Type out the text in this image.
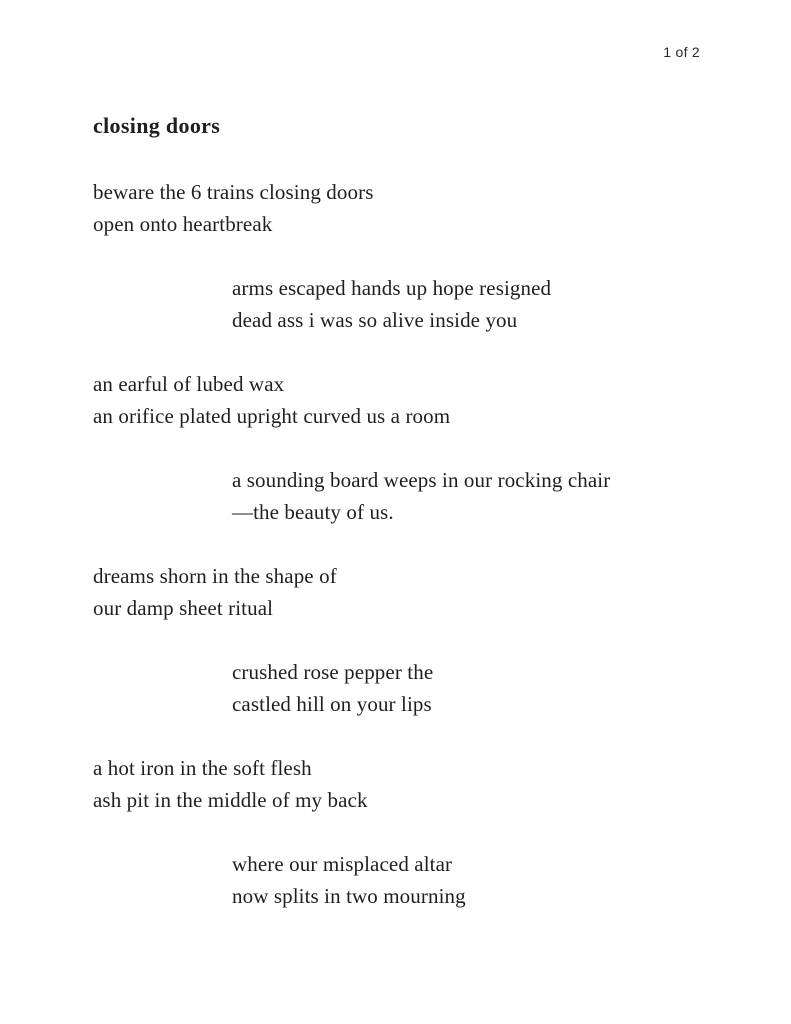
1 of 2
closing doors
beware the 6 trains closing doors
open onto heartbreak
arms escaped hands up hope resigned
dead ass i was so alive inside you
an earful of lubed wax
an orifice plated upright curved us a room
a sounding board weeps in our rocking chair
—the beauty of us.
dreams shorn in the shape of
our damp sheet ritual
crushed rose pepper the
castled hill on your lips
a hot iron in the soft flesh
ash pit in the middle of my back
where our misplaced altar
now splits in two mourning
